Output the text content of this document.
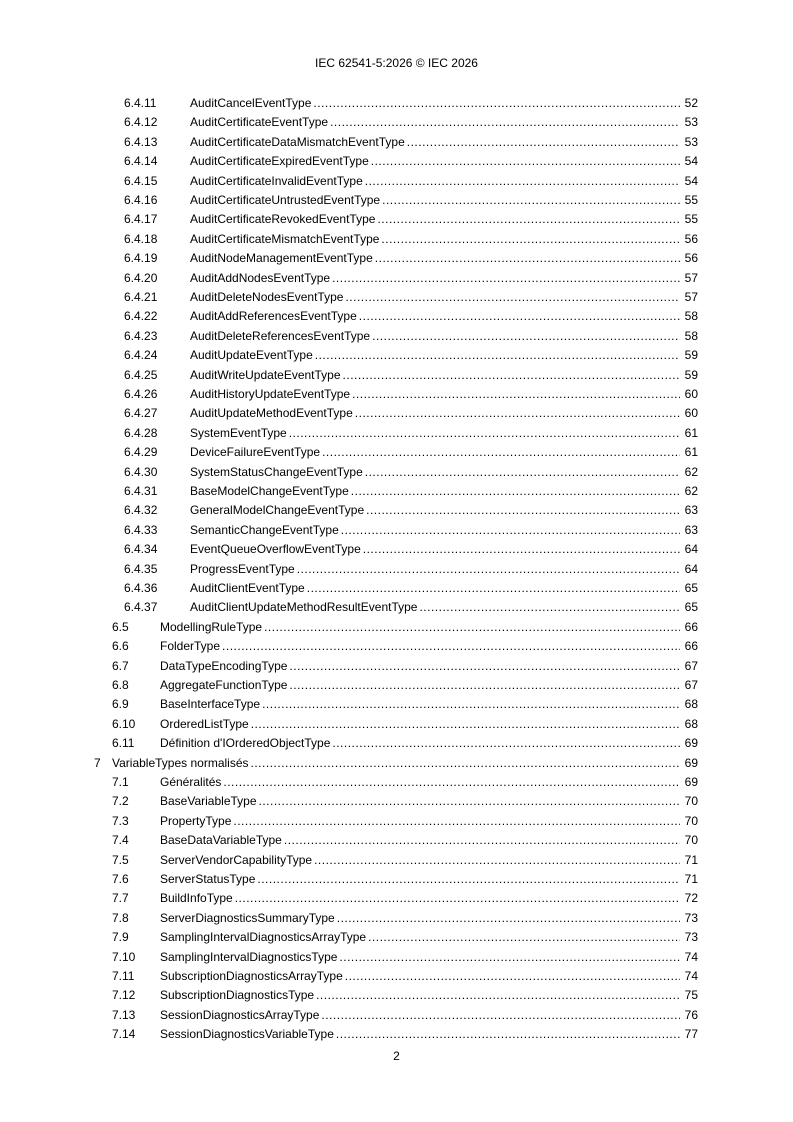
IEC 62541-5:2026 © IEC 2026
6.4.11	AuditCancelEventType .....	52
6.4.12	AuditCertificateEventType .....	53
6.4.13	AuditCertificateDataMismatchEventType .....	53
6.4.14	AuditCertificateExpiredEventType .....	54
6.4.15	AuditCertificateInvalidEventType .....	54
6.4.16	AuditCertificateUntrustedEventType .....	55
6.4.17	AuditCertificateRevokedEventType .....	55
6.4.18	AuditCertificateMismatchEventType .....	56
6.4.19	AuditNodeManagementEventType .....	56
6.4.20	AuditAddNodesEventType .....	57
6.4.21	AuditDeleteNodesEventType .....	57
6.4.22	AuditAddReferencesEventType .....	58
6.4.23	AuditDeleteReferencesEventType .....	58
6.4.24	AuditUpdateEventType .....	59
6.4.25	AuditWriteUpdateEventType .....	59
6.4.26	AuditHistoryUpdateEventType .....	60
6.4.27	AuditUpdateMethodEventType .....	60
6.4.28	SystemEventType .....	61
6.4.29	DeviceFailureEventType .....	61
6.4.30	SystemStatusChangeEventType .....	62
6.4.31	BaseModelChangeEventType .....	62
6.4.32	GeneralModelChangeEventType .....	63
6.4.33	SemanticChangeEventType .....	63
6.4.34	EventQueueOverflowEventType .....	64
6.4.35	ProgressEventType .....	64
6.4.36	AuditClientEventType .....	65
6.4.37	AuditClientUpdateMethodResultEventType .....	65
6.5	ModellingRuleType .....	66
6.6	FolderType .....	66
6.7	DataTypeEncodingType .....	67
6.8	AggregateFunctionType .....	67
6.9	BaseInterfaceType .....	68
6.10 OrderedListType .....	68
6.11 Définition d'IOrderedObjectType .....	69
7 VariableTypes normalisés .....	69
7.1	Généralités .....	69
7.2	BaseVariableType .....	70
7.3	PropertyType .....	70
7.4	BaseDataVariableType .....	70
7.5	ServerVendorCapabilityType .....	71
7.6	ServerStatusType .....	71
7.7	BuildInfoType .....	72
7.8	ServerDiagnosticsSummaryType .....	73
7.9	SamplingIntervalDiagnosticsArrayType .....	73
7.10 SamplingIntervalDiagnosticsType .....	74
7.11 SubscriptionDiagnosticsArrayType .....	74
7.12 SubscriptionDiagnosticsType .....	75
7.13 SessionDiagnosticsArrayType .....	76
7.14 SessionDiagnosticsVariableType .....	77
2
